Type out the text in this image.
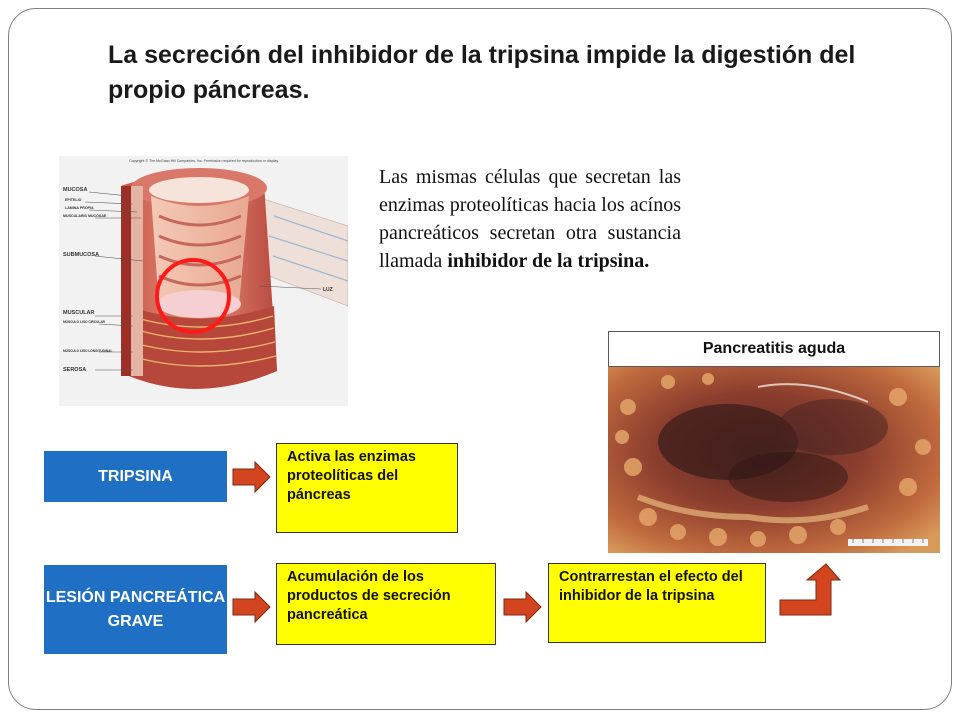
La secreción del inhibidor de la tripsina impide la digestión del propio páncreas.
Copyright © The McGraw-Hill Companies, Inc. Permission required for reproduction or display.
MUCOSA
EPITELIO
LAMINA PROPIA
MUSCULARIS MUCOSAE
SUBMUCOSA
MUSCULAR
MÚSCULO LISO CIRCULAR
MÚSCULO LISO LONGITUDINAL
SEROSA
LUZ
Las mismas células que secretan las enzimas proteolíticas hacia los acínos pancreáticos secretan otra sustancia llamada inhibidor de la tripsina.
Pancreatitis aguda
TRIPSINA
Activa las enzimas proteolíticas del páncreas
LESIÓN PANCREÁTICA GRAVE
Acumulación de los productos de secreción pancreática
Contrarrestan el efecto del inhibidor de la tripsina
